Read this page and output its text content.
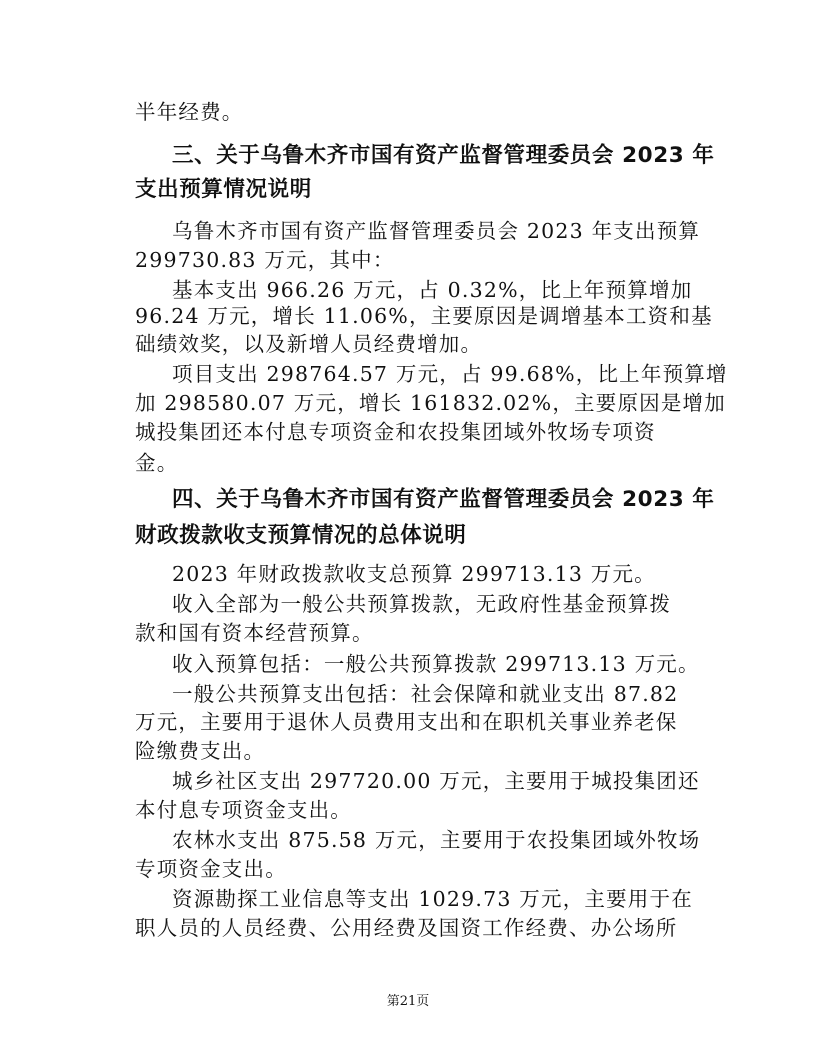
半年经费。
三、关于乌鲁木齐市国有资产监督管理委员会 2023 年
支出预算情况说明
乌鲁木齐市国有资产监督管理委员会 2023 年支出预算
299730.83 万元，其中：
基本支出 966.26 万元，占 0.32%，比上年预算增加
96.24 万元，增长 11.06%，主要原因是调增基本工资和基
础绩效奖，以及新增人员经费增加。
项目支出 298764.57 万元，占 99.68%，比上年预算增
加 298580.07 万元，增长 161832.02%，主要原因是增加
城投集团还本付息专项资金和农投集团域外牧场专项资
金。
四、关于乌鲁木齐市国有资产监督管理委员会 2023 年
财政拨款收支预算情况的总体说明
2023 年财政拨款收支总预算 299713.13 万元。
收入全部为一般公共预算拨款，无政府性基金预算拨
款和国有资本经营预算。
收入预算包括：一般公共预算拨款 299713.13 万元。
一般公共预算支出包括：社会保障和就业支出 87.82
万元，主要用于退休人员费用支出和在职机关事业养老保
险缴费支出。
城乡社区支出 297720.00 万元，主要用于城投集团还
本付息专项资金支出。
农林水支出 875.58 万元，主要用于农投集团域外牧场
专项资金支出。
资源勘探工业信息等支出 1029.73 万元，主要用于在
职人员的人员经费、公用经费及国资工作经费、办公场所
第21页
